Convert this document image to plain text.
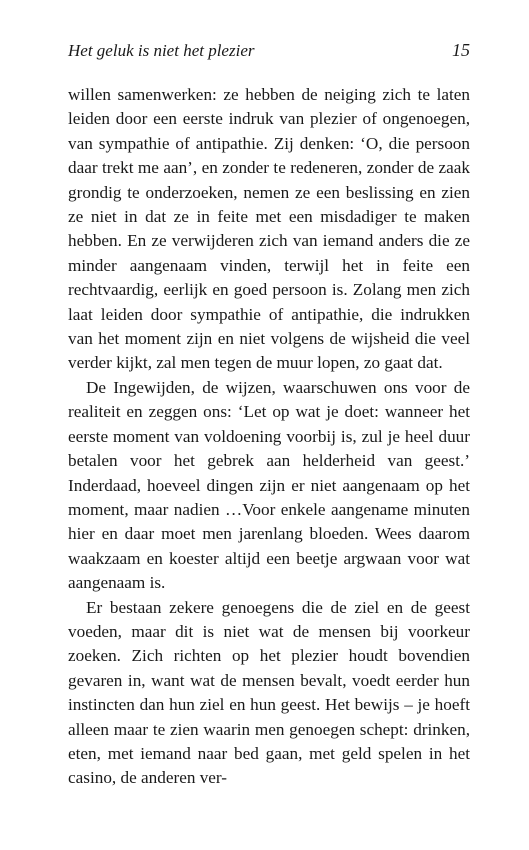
Het geluk is niet het plezier	15

willen samenwerken: ze hebben de neiging zich te laten leiden door een eerste indruk van plezier of ongenoegen, van sympathie of antipathie. Zij denken: ‘O, die persoon daar trekt me aan’, en zonder te redeneren, zonder de zaak grondig te onderzoeken, nemen ze een beslissing en zien ze niet in dat ze in feite met een misdadiger te maken hebben. En ze verwijderen zich van iemand anders die ze minder aangenaam vinden, terwijl het in feite een rechtvaardig, eerlijk en goed persoon is. Zolang men zich laat leiden door sympathie of antipathie, die indrukken van het moment zijn en niet volgens de wijsheid die veel verder kijkt, zal men tegen de muur lopen, zo gaat dat.

De Ingewijden, de wijzen, waarschuwen ons voor de realiteit en zeggen ons: ‘Let op wat je doet: wanneer het eerste moment van voldoening voorbij is, zul je heel duur betalen voor het gebrek aan helderheid van geest.’ Inderdaad, hoeveel dingen zijn er niet aangenaam op het moment, maar nadien …Voor enkele aangename minuten hier en daar moet men jarenlang bloeden. Wees daarom waakzaam en koester altijd een beetje argwaan voor wat aangenaam is.

Er bestaan zekere genoegens die de ziel en de geest voeden, maar dit is niet wat de mensen bij voorkeur zoeken. Zich richten op het plezier houdt bovendien gevaren in, want wat de mensen bevalt, voedt eerder hun instincten dan hun ziel en hun geest. Het bewijs – je hoeft alleen maar te zien waarin men genoegen schept: drinken, eten, met iemand naar bed gaan, met geld spelen in het casino, de anderen ver-
